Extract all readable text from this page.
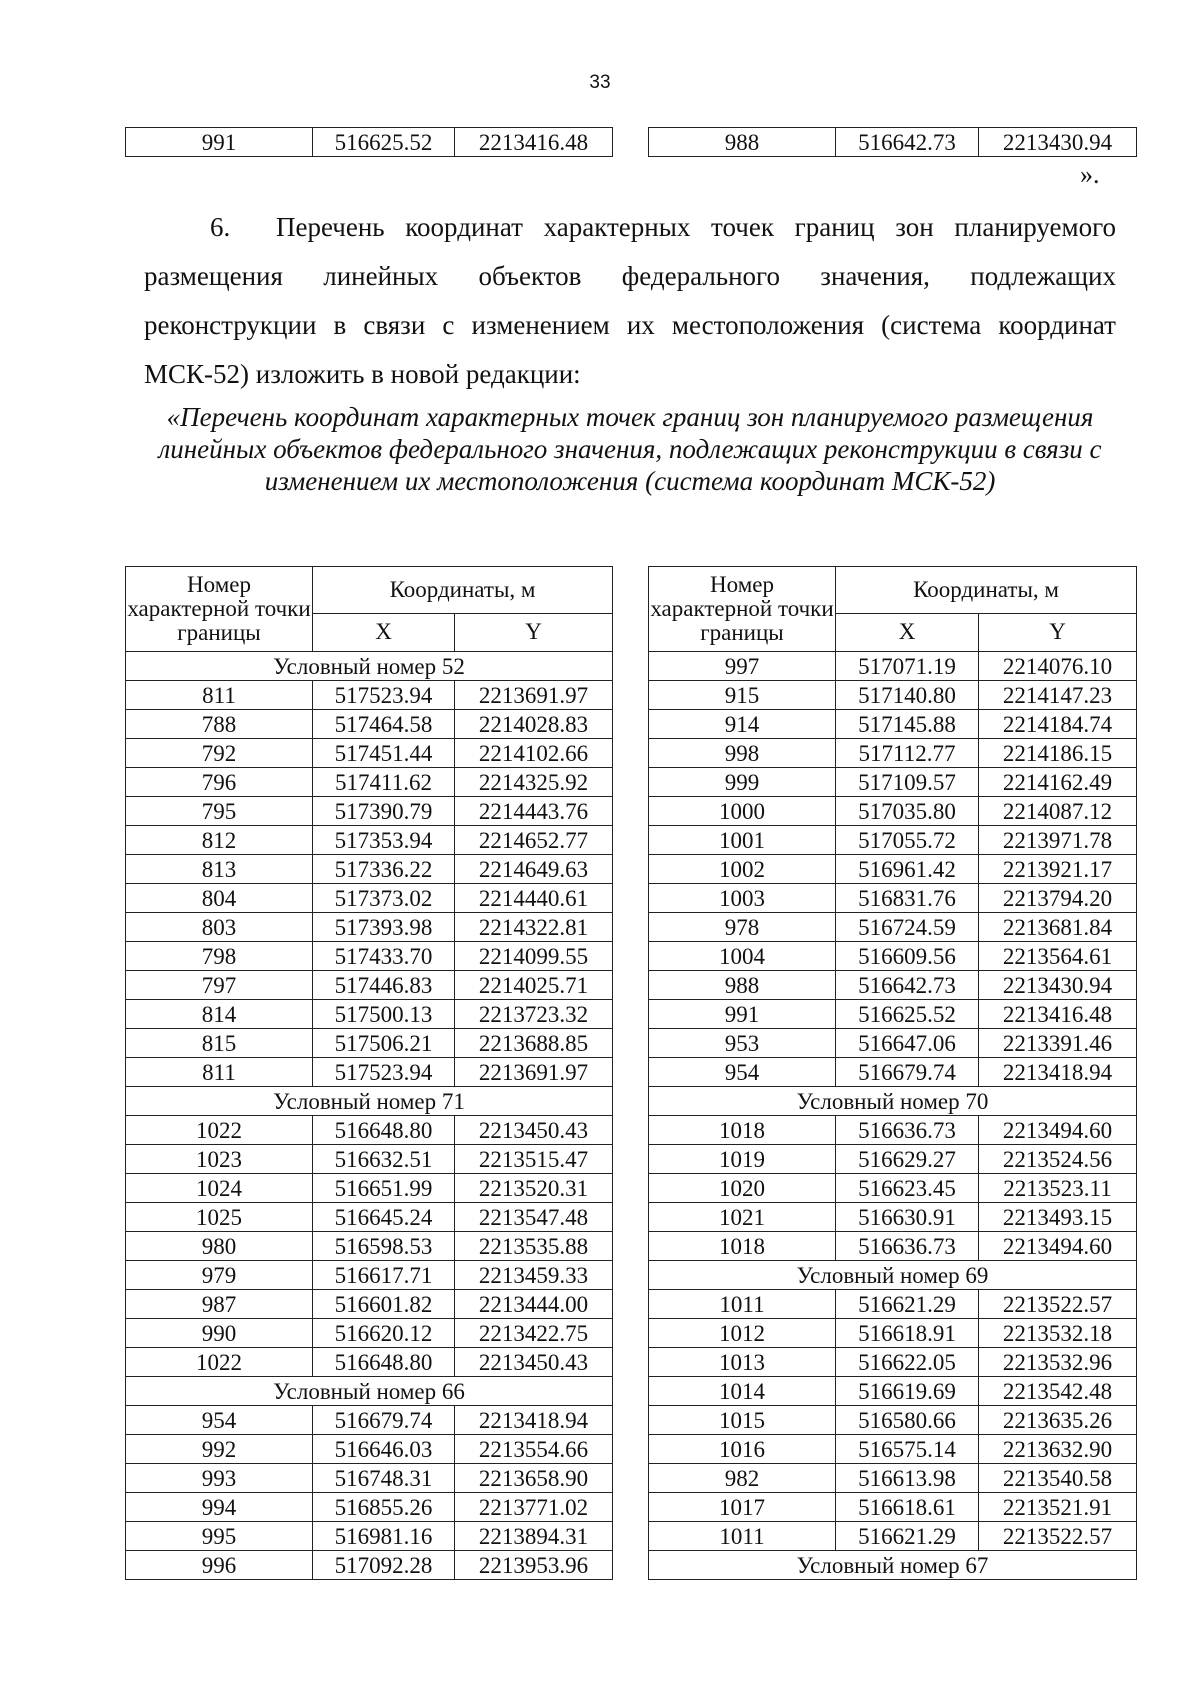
33
991	516625.52	2213416.48	988	516642.73	2213430.94
».
6. Перечень координат характерных точек границ зон планируемого размещения линейных объектов федерального значения, подлежащих реконструкции в связи с изменением их местоположения (система координат МСК-52) изложить в новой редакции:
«Перечень координат характерных точек границ зон планируемого размещения линейных объектов федерального значения, подлежащих реконструкции в связи с изменением их местоположения (система координат МСК-52)
Номер характерной точки границы	Координаты, м	
	X	Y
Условный номер 52		
811	517523.94	2213691.97
788	517464.58	2214028.83
792	517451.44	2214102.66
796	517411.62	2214325.92
795	517390.79	2214443.76
812	517353.94	2214652.77
813	517336.22	2214649.63
804	517373.02	2214440.61
803	517393.98	2214322.81
798	517433.70	2214099.55
797	517446.83	2214025.71
814	517500.13	2213723.32
815	517506.21	2213688.85
811	517523.94	2213691.97
Условный номер 71		
1022	516648.80	2213450.43
1023	516632.51	2213515.47
1024	516651.99	2213520.31
1025	516645.24	2213547.48
980	516598.53	2213535.88
979	516617.71	2213459.33
987	516601.82	2213444.00
990	516620.12	2213422.75
1022	516648.80	2213450.43
Условный номер 66		
954	516679.74	2213418.94
992	516646.03	2213554.66
993	516748.31	2213658.90
994	516855.26	2213771.02
995	516981.16	2213894.31
996	517092.28	2213953.96
Номер характерной точки границы	Координаты, м	
	X	Y
997	517071.19	2214076.10
915	517140.80	2214147.23
914	517145.88	2214184.74
998	517112.77	2214186.15
999	517109.57	2214162.49
1000	517035.80	2214087.12
1001	517055.72	2213971.78
1002	516961.42	2213921.17
1003	516831.76	2213794.20
978	516724.59	2213681.84
1004	516609.56	2213564.61
988	516642.73	2213430.94
991	516625.52	2213416.48
953	516647.06	2213391.46
954	516679.74	2213418.94
Условный номер 70		
1018	516636.73	2213494.60
1019	516629.27	2213524.56
1020	516623.45	2213523.11
1021	516630.91	2213493.15
1018	516636.73	2213494.60
Условный номер 69		
1011	516621.29	2213522.57
1012	516618.91	2213532.18
1013	516622.05	2213532.96
1014	516619.69	2213542.48
1015	516580.66	2213635.26
1016	516575.14	2213632.90
982	516613.98	2213540.58
1017	516618.61	2213521.91
1011	516621.29	2213522.57
Условный номер 67		
